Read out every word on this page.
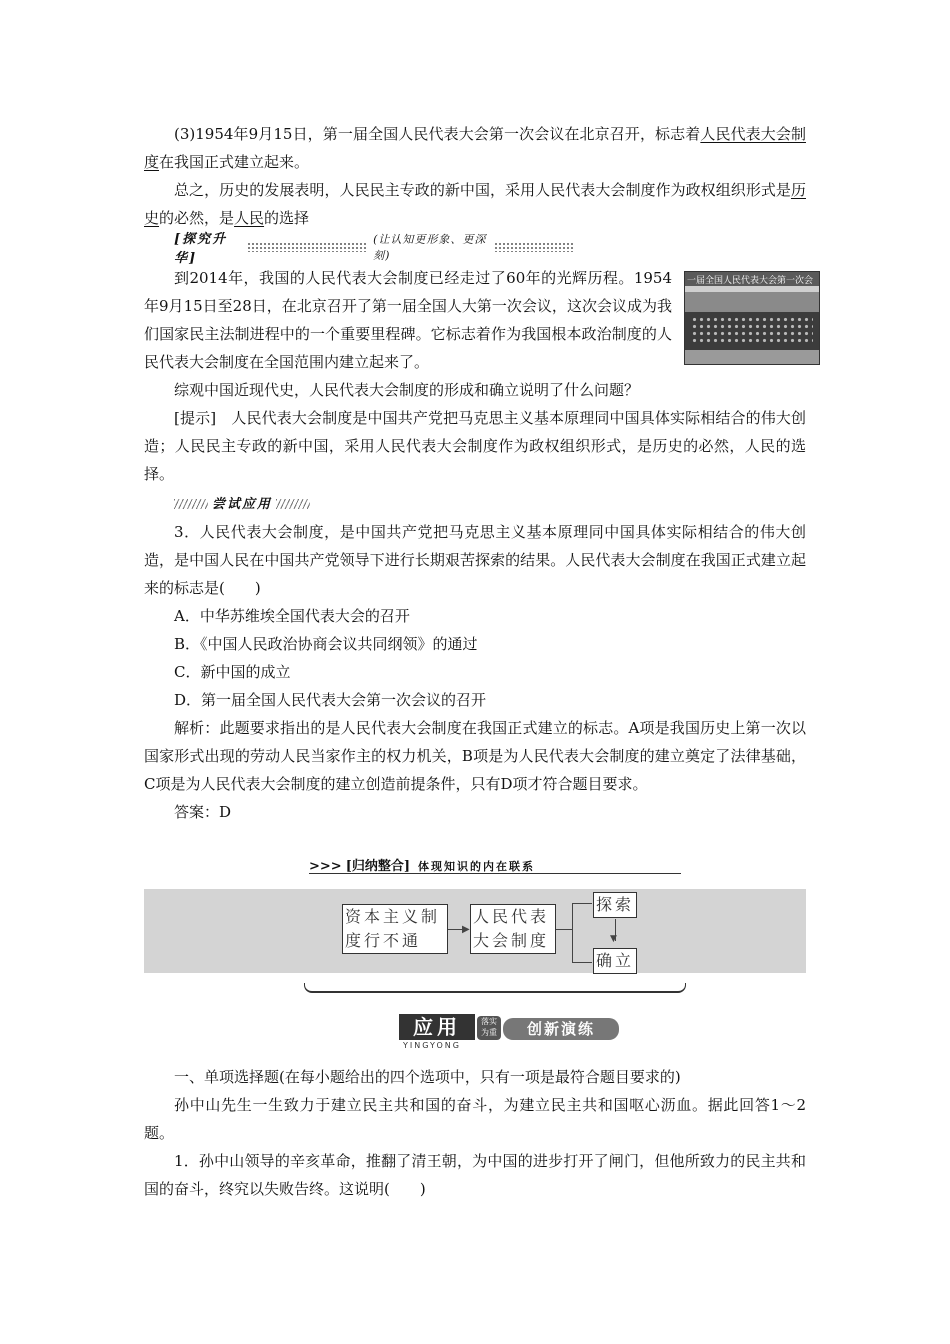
(3)1954年9月15日，第一届全国人民代表大会第一次会议在北京召开，标志着人民代表大会制度在我国正式建立起来。

总之，历史的发展表明，人民民主专政的新中国，采用人民代表大会制度作为政权组织形式是历史的必然，是人民的选择

[探究升华]
(让认知更形象、更深刻)

到2014年，我国的人民代表大会制度已经走过了60年的光辉历程。1954年9月15日至28日，在北京召开了第一届全国人大第一次会议，这次会议成为我们国家民主法制进程中的一个重要里程碑。它标志着作为我国根本政治制度的人民代表大会制度在全国范围内建立起来了。

一届全国人民代表大会第一次会

综观中国近现代史，人民代表大会制度的形成和确立说明了什么问题？

[提示]　人民代表大会制度是中国共产党把马克思主义基本原理同中国具体实际相结合的伟大创造；人民民主专政的新中国，采用人民代表大会制度作为政权组织形式，是历史的必然，人民的选择。

尝试应用

3．人民代表大会制度，是中国共产党把马克思主义基本原理同中国具体实际相结合的伟大创造，是中国人民在中国共产党领导下进行长期艰苦探索的结果。人民代表大会制度在我国正式建立起来的标志是(　　)

A．中华苏维埃全国代表大会的召开

B．《中国人民政治协商会议共同纲领》的通过

C．新中国的成立

D．第一届全国人民代表大会第一次会议的召开

解析：此题要求指出的是人民代表大会制度在我国正式建立的标志。A项是我国历史上第一次以国家形式出现的劳动人民当家作主的权力机关，B项是为人民代表大会制度的建立奠定了法律基础，C项是为人民代表大会制度的建立创造前提条件，只有D项才符合题目要求。

答案：D

>>> [归纳整合] 体现知识的内在联系
资本主义制
度行不通
▶
人民代表
大会制度
探索
▼
确立
应用
YINGYONG
落实 为重	创新演练

一、单项选择题(在每小题给出的四个选项中，只有一项是最符合题目要求的)

孙中山先生一生致力于建立民主共和国的奋斗，为建立民主共和国呕心沥血。据此回答1～2题。

1．孙中山领导的辛亥革命，推翻了清王朝，为中国的进步打开了闸门，但他所致力的民主共和国的奋斗，终究以失败告终。这说明(　　)
